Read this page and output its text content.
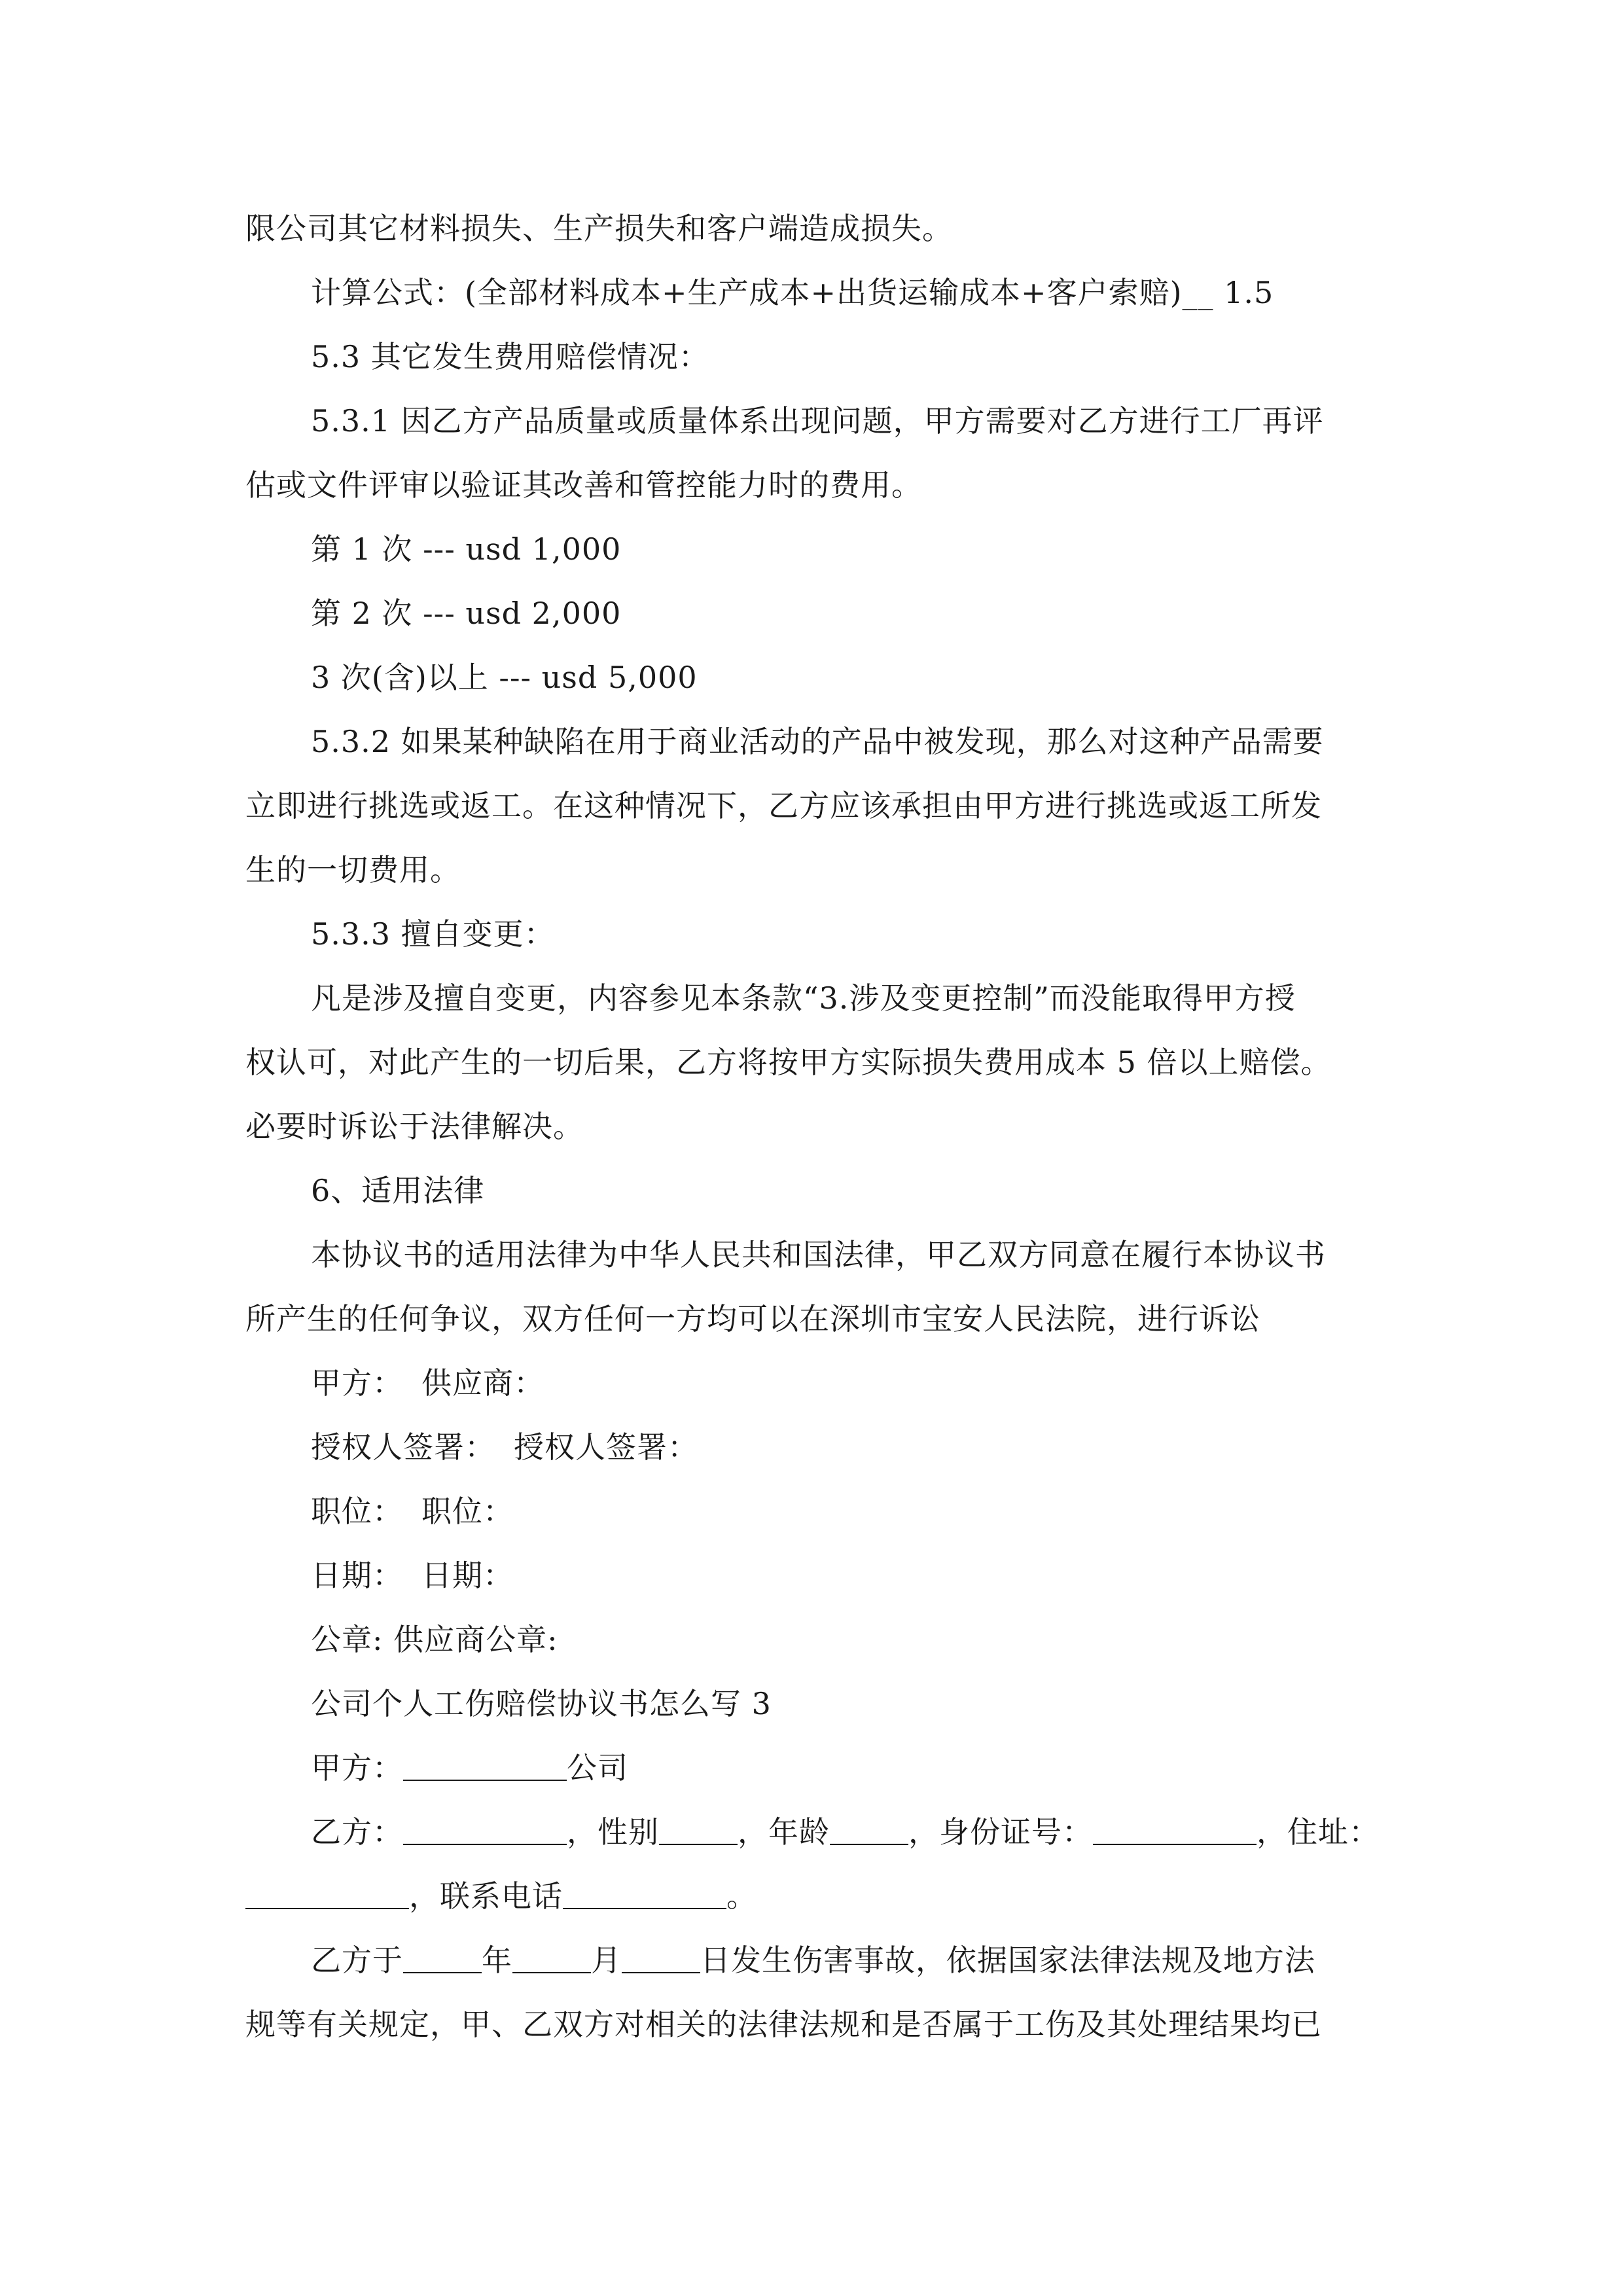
限公司其它材料损失、生产损失和客户端造成损失。
计算公式：(全部材料成本+生产成本+出货运输成本+客户索赔)__ 1.5
5.3 其它发生费用赔偿情况：
5.3.1 因乙方产品质量或质量体系出现问题，甲方需要对乙方进行工厂再评
估或文件评审以验证其改善和管控能力时的费用。
第 1 次 --- usd 1,000
第 2 次 --- usd 2,000
3 次(含)以上 --- usd 5,000
5.3.2 如果某种缺陷在用于商业活动的产品中被发现，那么对这种产品需要
立即进行挑选或返工。在这种情况下，乙方应该承担由甲方进行挑选或返工所发
生的一切费用。
5.3.3 擅自变更：
凡是涉及擅自变更，内容参见本条款“3.涉及变更控制”而没能取得甲方授
权认可，对此产生的一切后果，乙方将按甲方实际损失费用成本 5 倍以上赔偿。
必要时诉讼于法律解决。
6、适用法律
本协议书的适用法律为中华人民共和国法律，甲乙双方同意在履行本协议书
所产生的任何争议，双方任何一方均可以在深圳市宝安人民法院，进行诉讼
甲方： 供应商：
授权人签署： 授权人签署：
职位： 职位：
日期： 日期：
公章: 供应商公章:
公司个人工伤赔偿协议书怎么写 3
甲方：	公司
乙方：	，性别	，年龄	，身份证号：	，住址：
，联系电话	。
乙方于	年	月	日发生伤害事故，依据国家法律法规及地方法
规等有关规定，甲、乙双方对相关的法律法规和是否属于工伤及其处理结果均已
